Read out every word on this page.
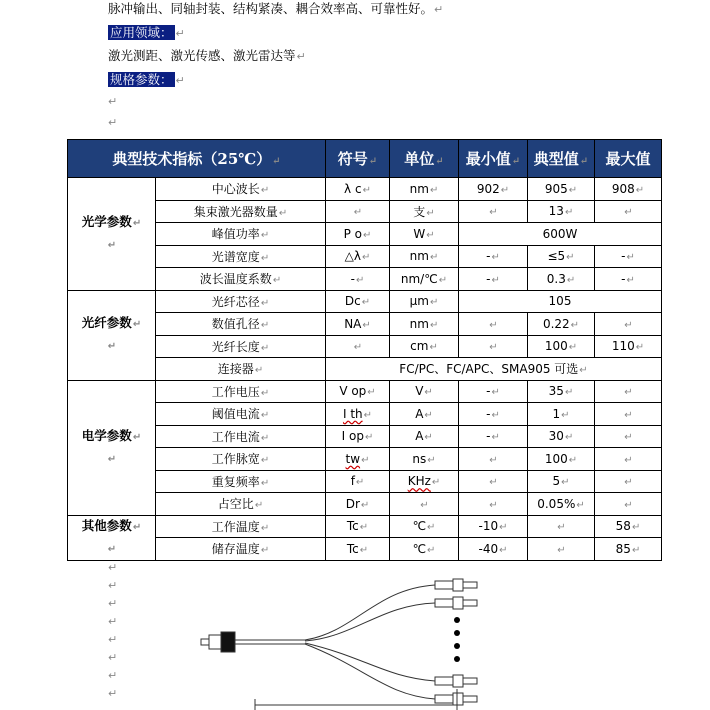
脉冲输出、同轴封装、结构紧凑、耦合效率高、可靠性好。↵
应用领域： ↵
激光测距、激光传感、激光雷达等↵
规格参数： ↵
↵
↵
典型技术指标（25℃）↵		符号↵	单位↵	最小值↵	典型值↵	最大值
光学参数↵
↵	中心波长↵	λ c↵	nm↵	902↵	905↵	908↵
	集束激光器数量↵	↵	支↵	↵	13↵	↵
	峰值功率↵	P o↵	W↵	600W		
	光谱宽度↵	△λ↵	nm↵	-↵	≤5↵	-↵
	波长温度系数↵	-↵	nm/℃↵	-↵	0.3↵	-↵
光纤参数↵
↵	光纤芯径↵	Dc↵	μm↵	105		
	数值孔径↵	NA↵	nm↵	↵	0.22↵	↵
	光纤长度↵	↵	cm↵	↵	100↵	110↵
	连接器↵	FC/PC、FC/APC、SMA905 可选↵				
电学参数↵
↵	工作电压↵	V op↵	V↵	-↵	35↵	↵
	阈值电流↵	I th↵	A↵	-↵	1↵	↵
	工作电流↵	I op↵	A↵	-↵	30↵	↵
	工作脉宽↵	tw↵	ns↵	↵	100↵	↵
	重复频率↵	f↵	KHz↵	↵	5↵	↵
	占空比↵	Dr↵	↵	↵	0.05%↵	↵
其他参数↵
↵	工作温度↵	Tc↵	℃↵	-10↵	↵	58↵
	储存温度↵	Tc↵	℃↵	-40↵	↵	85↵
↵
↵
↵
↵
↵
↵
↵
↵
